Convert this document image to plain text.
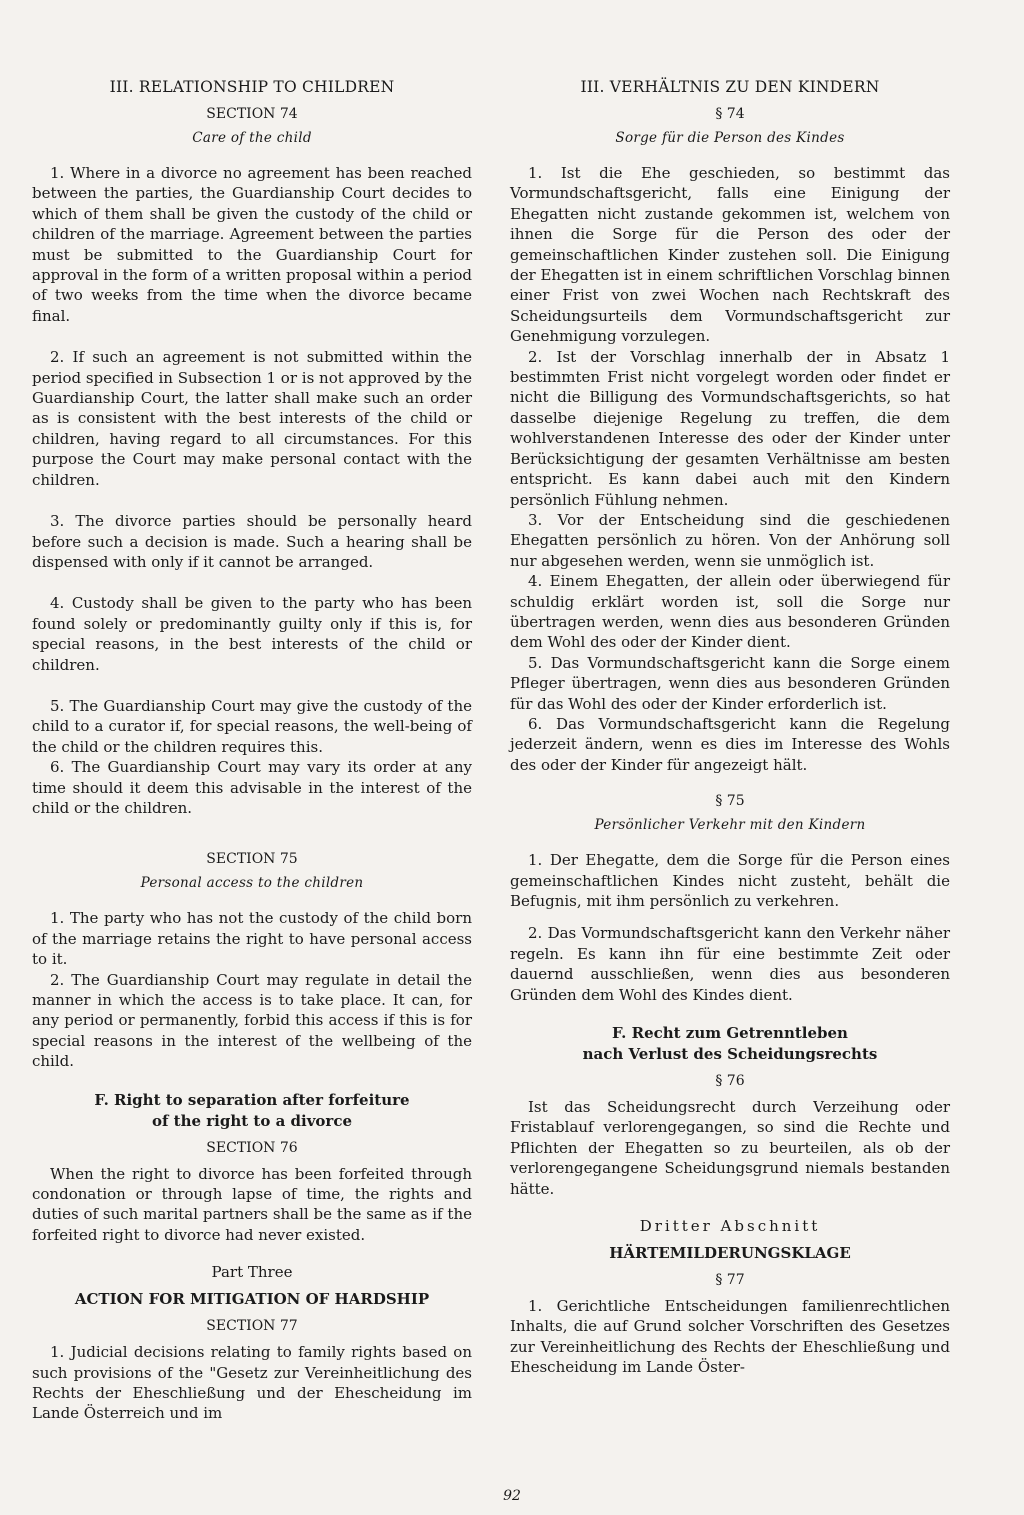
III. RELATIONSHIP TO CHILDREN
SECTION 74
Care of the child

1. Where in a divorce no agreement has been reached between the parties, the Guardianship Court decides to which of them shall be given the custody of the child or children of the marriage. Agreement between the parties must be submitted to the Guardianship Court for approval in the form of a written proposal within a period of two weeks from the time when the divorce became final.

2. If such an agreement is not submitted within the period specified in Subsection 1 or is not approved by the Guardianship Court, the latter shall make such an order as is consistent with the best interests of the child or children, having regard to all circumstances. For this purpose the Court may make personal contact with the children.

3. The divorce parties should be personally heard before such a decision is made. Such a hearing shall be dispensed with only if it cannot be arranged.

4. Custody shall be given to the party who has been found solely or predominantly guilty only if this is, for special reasons, in the best interests of the child or children.

5. The Guardianship Court may give the custody of the child to a curator if, for special reasons, the well-being of the child or the children requires this.

6. The Guardianship Court may vary its order at any time should it deem this advisable in the interest of the child or the children.

SECTION 75
Personal access to the children

1. The party who has not the custody of the child born of the marriage retains the right to have personal access to it.

2. The Guardianship Court may regulate in detail the manner in which the access is to take place. It can, for any period or permanently, forbid this access if this is for special reasons in the interest of the wellbeing of the child.

F. Right to separation after forfeiture
of the right to a divorce
SECTION 76

When the right to divorce has been forfeited through condonation or through lapse of time, the rights and duties of such marital partners shall be the same as if the forfeited right to divorce had never existed.

Part Three
ACTION FOR MITIGATION OF HARDSHIP
SECTION 77

1. Judicial decisions relating to family rights based on such provisions of the "Gesetz zur Vereinheitlichung des Rechts der Eheschließung und der Ehescheidung im Lande Österreich und im

III. VERHÄLTNIS ZU DEN KINDERN
§ 74
Sorge für die Person des Kindes

1. Ist die Ehe geschieden, so bestimmt das Vormundschaftsgericht, falls eine Einigung der Ehegatten nicht zustande gekommen ist, welchem von ihnen die Sorge für die Person des oder der gemeinschaftlichen Kinder zustehen soll. Die Einigung der Ehegatten ist in einem schriftlichen Vorschlag binnen einer Frist von zwei Wochen nach Rechtskraft des Scheidungsurteils dem Vormundschaftsgericht zur Genehmigung vorzulegen.

2. Ist der Vorschlag innerhalb der in Absatz 1 bestimmten Frist nicht vorgelegt worden oder findet er nicht die Billigung des Vormundschaftsgerichts, so hat dasselbe diejenige Regelung zu treffen, die dem wohlverstandenen Interesse des oder der Kinder unter Berücksichtigung der gesamten Verhältnisse am besten entspricht. Es kann dabei auch mit den Kindern persönlich Fühlung nehmen.

3. Vor der Entscheidung sind die geschiedenen Ehegatten persönlich zu hören. Von der Anhörung soll nur abgesehen werden, wenn sie unmöglich ist.

4. Einem Ehegatten, der allein oder überwiegend für schuldig erklärt worden ist, soll die Sorge nur übertragen werden, wenn dies aus besonderen Gründen dem Wohl des oder der Kinder dient.

5. Das Vormundschaftsgericht kann die Sorge einem Pfleger übertragen, wenn dies aus besonderen Gründen für das Wohl des oder der Kinder erforderlich ist.

6. Das Vormundschaftsgericht kann die Regelung jederzeit ändern, wenn es dies im Interesse des Wohls des oder der Kinder für angezeigt hält.

§ 75
Persönlicher Verkehr mit den Kindern

1. Der Ehegatte, dem die Sorge für die Person eines gemeinschaftlichen Kindes nicht zusteht, behält die Befugnis, mit ihm persönlich zu verkehren.

2. Das Vormundschaftsgericht kann den Verkehr näher regeln. Es kann ihn für eine bestimmte Zeit oder dauernd ausschließen, wenn dies aus besonderen Gründen dem Wohl des Kindes dient.

F. Recht zum Getrenntleben
nach Verlust des Scheidungsrechts
§ 76

Ist das Scheidungsrecht durch Verzeihung oder Fristablauf verlorengegangen, so sind die Rechte und Pflichten der Ehegatten so zu beurteilen, als ob der verlorengegangene Scheidungsgrund niemals bestanden hätte.

Dritter Abschnitt
HÄRTEMILDERUNGSKLAGE
§ 77

1. Gerichtliche Entscheidungen familienrechtlichen Inhalts, die auf Grund solcher Vorschriften des Gesetzes zur Vereinheitlichung des Rechts der Eheschließung und Ehescheidung im Lande Öster-

92
